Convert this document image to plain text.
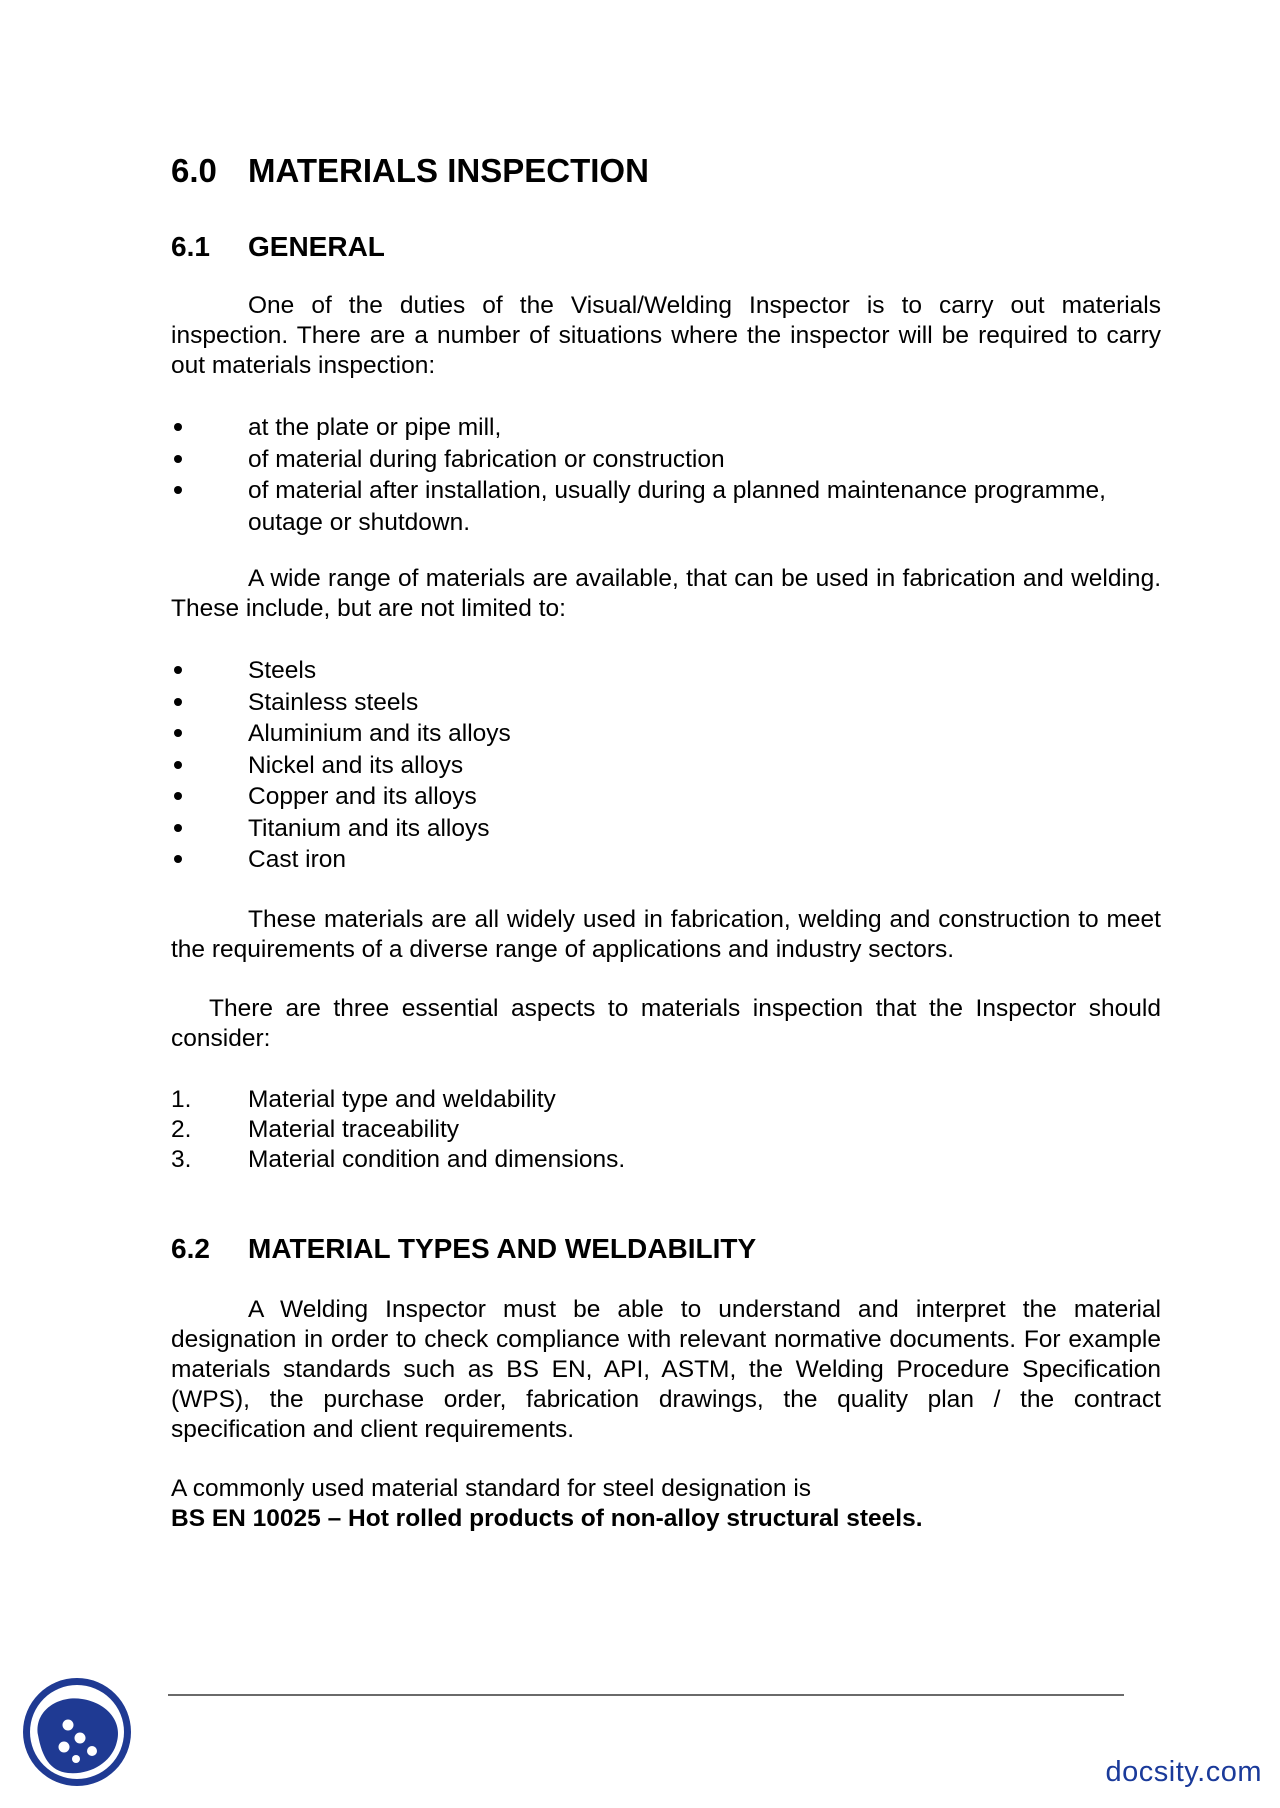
6.0 MATERIALS INSPECTION
6.1 GENERAL

One of the duties of the Visual/Welding Inspector is to carry out materials inspection. There are a number of situations where the inspector will be required to carry out materials inspection:

at the plate or pipe mill,
of material during fabrication or construction
of material after installation, usually during a planned maintenance programme, outage or shutdown.

A wide range of materials are available, that can be used in fabrication and welding. These include, but are not limited to:

Steels
Stainless steels
Aluminium and its alloys
Nickel and its alloys
Copper and its alloys
Titanium and its alloys
Cast iron

These materials are all widely used in fabrication, welding and construction to meet the requirements of a diverse range of applications and industry sectors.

There are three essential aspects to materials inspection that the Inspector should consider:

1.	Material type and weldability
2.	Material traceability
3.	Material condition and dimensions.
6.2 MATERIAL TYPES AND WELDABILITY

A Welding Inspector must be able to understand and interpret the material designation in order to check compliance with relevant normative documents. For example materials standards such as BS EN, API, ASTM, the Welding Procedure Specification (WPS), the purchase order, fabrication drawings, the quality plan / the contract specification and client requirements.

A commonly used material standard for steel designation is

BS EN 10025 – Hot rolled products of non-alloy structural steels.

docsity.com
